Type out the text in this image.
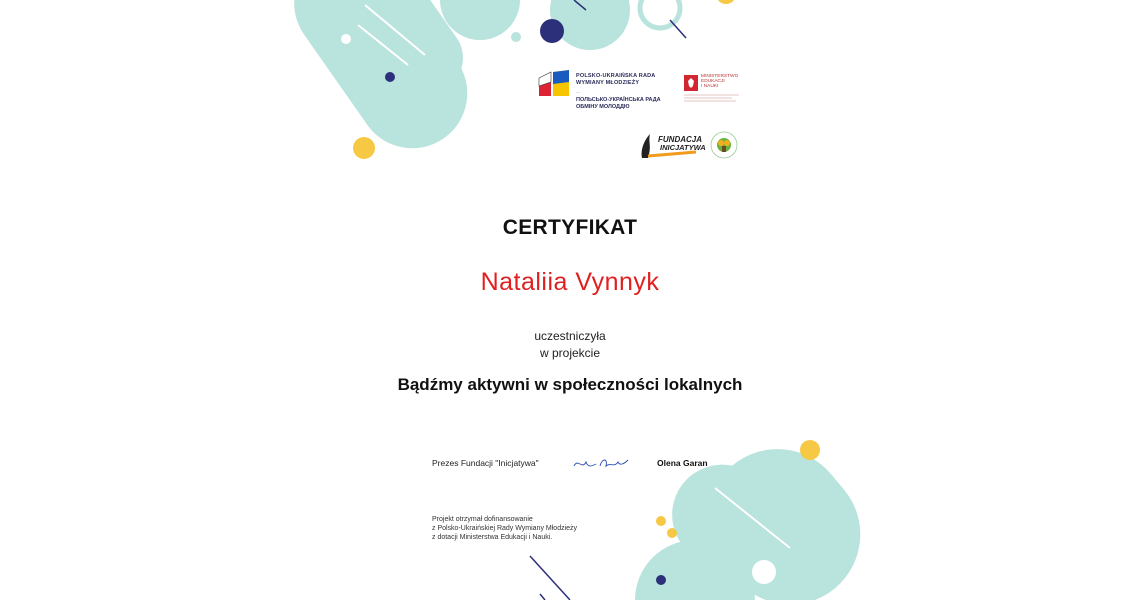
POLSKO-UKRAIŃSKA RADA
WYMIANY MŁODZIEŻY
----
ПОЛЬСЬКО-УКРАЇНСЬКА РАДА
ОБМІНУ МОЛОДДЮ
MINISTERSTWO
EDUKACJI
I NAUKI
FUNDACJA
INICJATYWA
CERTYFIKAT
Nataliia Vynnyk
uczestniczyła
w projekcie
Bądźmy aktywni w społeczności lokalnych
Prezes Fundacji "Inicjatywa"	Olena Garan
Projekt otrzymał dofinansowanie
z Polsko-Ukraińskiej Rady Wymiany Młodzieży
z dotacji Ministerstwa Edukacji i Nauki.
